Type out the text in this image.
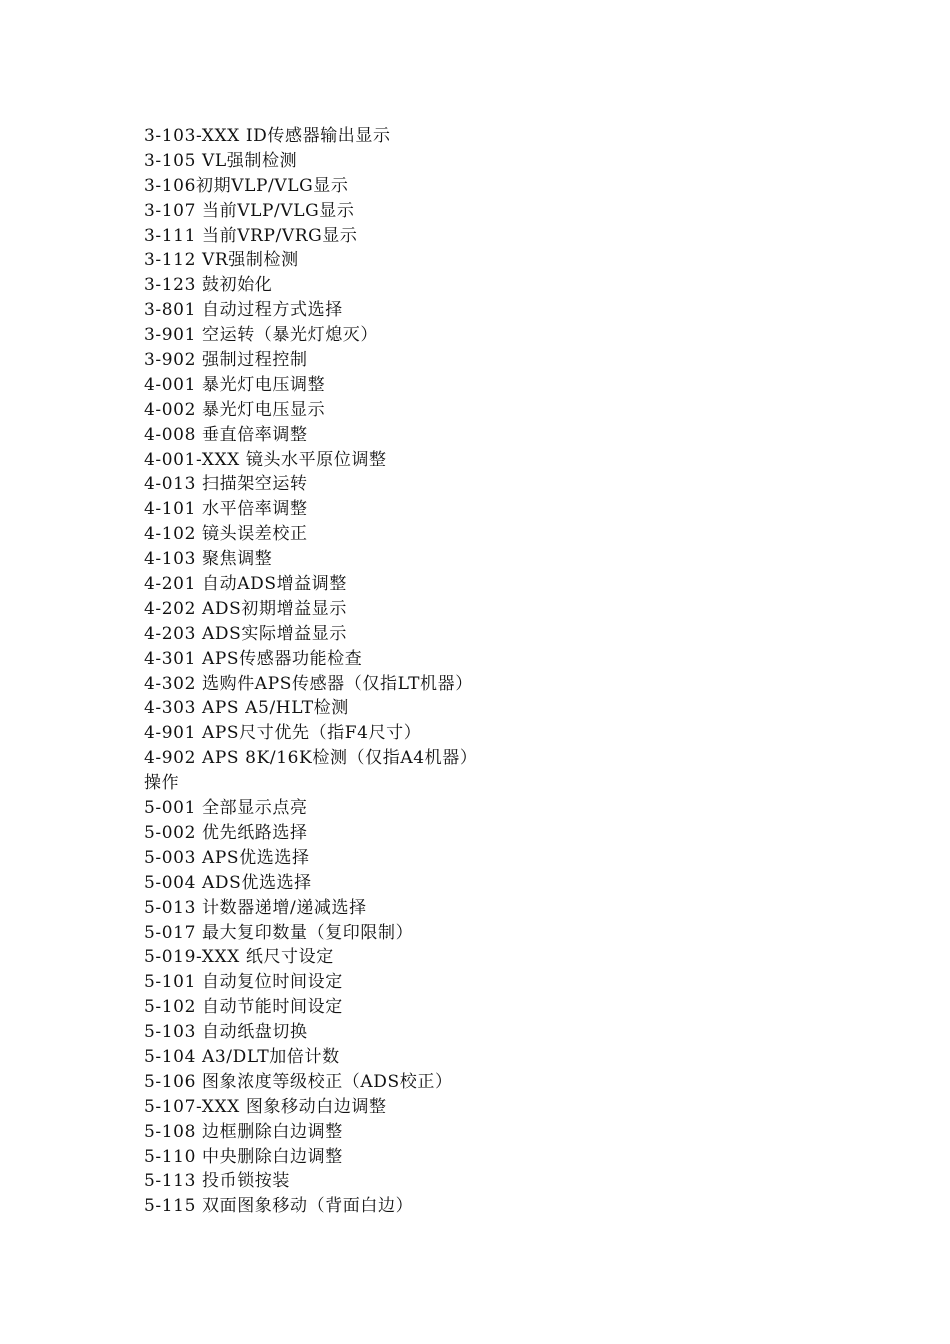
3-103-XXX ID传感器输出显示
3-105 VL强制检测
3-106初期VLP/VLG显示
3-107 当前VLP/VLG显示
3-111 当前VRP/VRG显示
3-112 VR强制检测
3-123 鼓初始化
3-801 自动过程方式选择
3-901 空运转（暴光灯熄灭）
3-902 强制过程控制
4-001 暴光灯电压调整
4-002 暴光灯电压显示
4-008 垂直倍率调整
4-001-XXX 镜头水平原位调整
4-013 扫描架空运转
4-101 水平倍率调整
4-102 镜头误差校正
4-103 聚焦调整
4-201 自动ADS增益调整
4-202 ADS初期增益显示
4-203 ADS实际增益显示
4-301 APS传感器功能检查
4-302 选购件APS传感器（仅指LT机器）
4-303 APS A5/HLT检测
4-901 APS尺寸优先（指F4尺寸）
4-902 APS 8K/16K检测（仅指A4机器）
操作
5-001 全部显示点亮
5-002 优先纸路选择
5-003 APS优选选择
5-004 ADS优选选择
5-013 计数器递增/递减选择
5-017 最大复印数量（复印限制）
5-019-XXX 纸尺寸设定
5-101 自动复位时间设定
5-102 自动节能时间设定
5-103 自动纸盘切换
5-104 A3/DLT加倍计数
5-106 图象浓度等级校正（ADS校正）
5-107-XXX 图象移动白边调整
5-108 边框删除白边调整
5-110 中央删除白边调整
5-113 投币锁按装
5-115 双面图象移动（背面白边）
